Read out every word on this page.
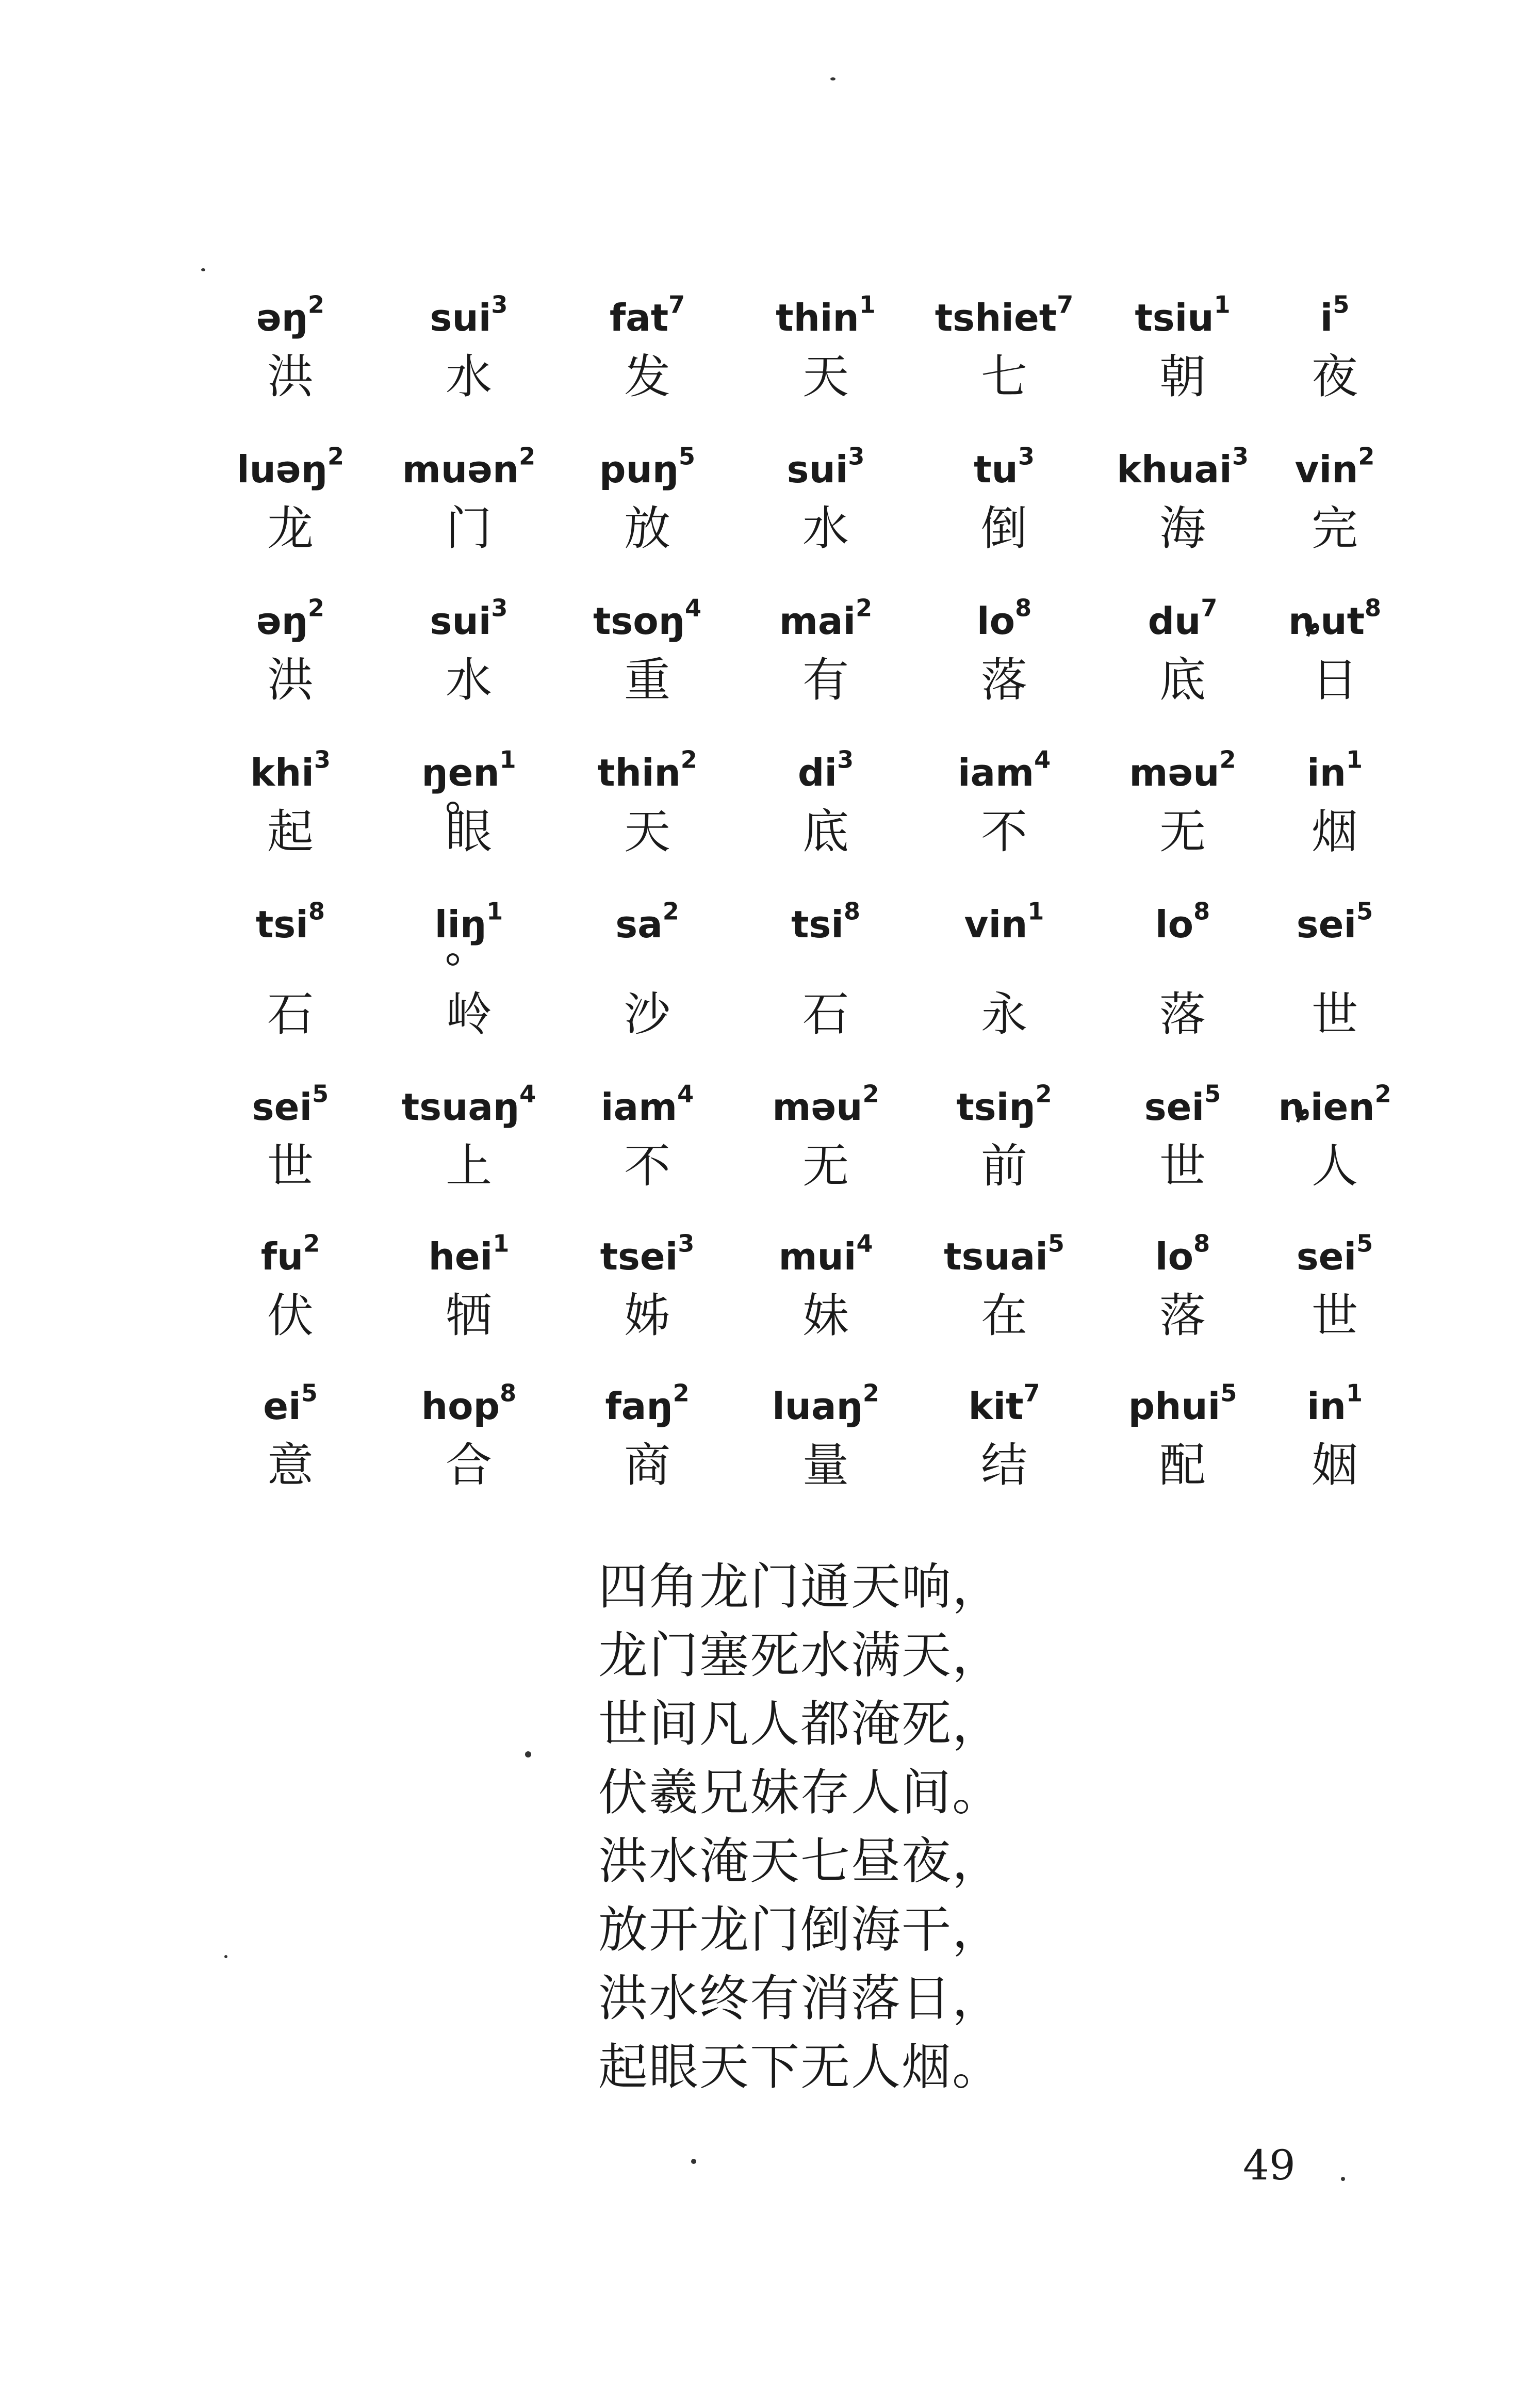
əŋ$^2$	sui$^3$	fat$^7$	thin$^1$	tshiet$^7$	tsiu$^1$	$i^5$
洪	水	发	天	七	朝	夜
luəŋ$^2$	muən$^2$	puŋ$^5$	sui$^3$	$tu^3$	khuai$^3$	vin$^2$
龙	门	放	水	倒	海	完
əŋ$^2$	sui$^3$	tsoŋ$^4$	mai$^2$	$lo^8$	$du^7$	ȵut$^8$
洪	水	重	有	落	底	日
khi$^3$	ŋen$^1$	thin$^2$	$di^3$	iam$^4$	məu$^2$	$in^1$
起	眼	天	底	不	无	烟
tsi$^8$	liŋ$^1$	$sa^2$	tsi$^8$	vin$^1$	$lo^8$	sei$^5$
石	岭	沙	石	永	落	世
sei$^5$	tsuaŋ$^4$	iam$^4$	məu$^2$	tsiŋ$^2$	sei$^5$	ȵien$^2$
世	上	不	无	前	世	人
$fu^2$	hei$^1$	tsei$^3$	mui$^4$	tsuai$^5$	$lo^8$	sei$^5$
伏	牺	姊	妹	在	落	世
$ei^5$	hop$^8$	faŋ$^2$	luaŋ$^2$	kit$^7$	phui$^5$	$in^1$
意	合	商	量	结	配	姻
四角龙门通天响，
龙门塞死水满天，
世间凡人都淹死，
伏羲兄妹存人间。
洪水淹天七昼夜，
放开龙门倒海干，
洪水终有消落日，
起眼天下无人烟。
49
